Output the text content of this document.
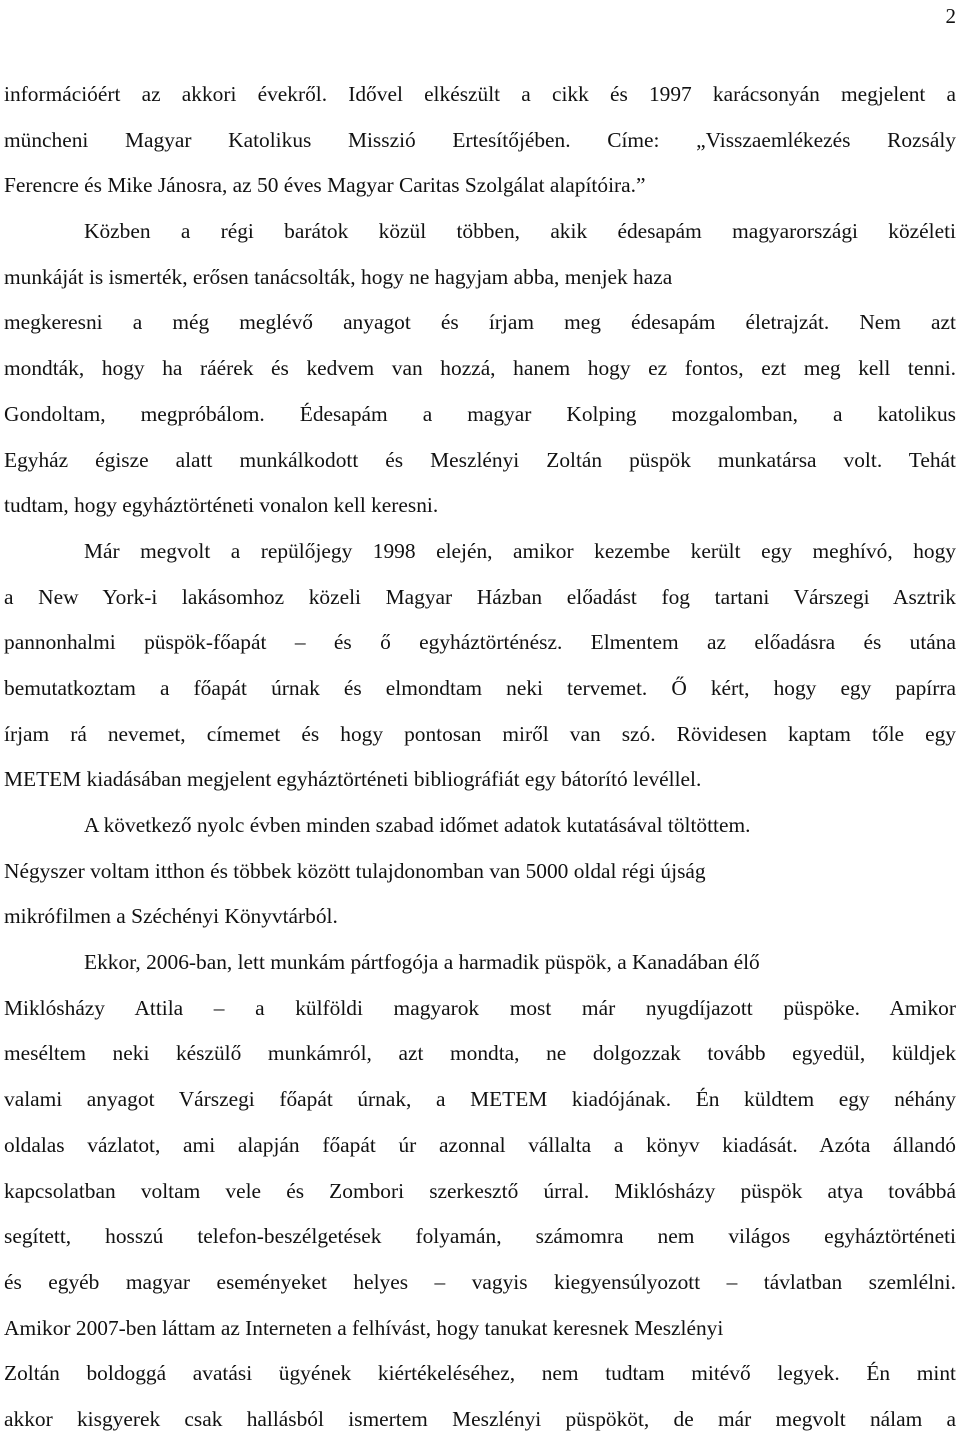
2
információért az akkori évekről. Idővel elkészült a cikk és 1997 karácsonyán megjelent a
müncheni Magyar Katolikus Misszió Ertesítőjében. Címe: „Visszaemlékezés Rozsály
Ferencre és Mike Jánosra, az 50 éves Magyar Caritas Szolgálat alapítóira.”
Közben a régi barátok közül többen, akik édesapám magyarországi közéleti
munkáját is ismerték, erősen tanácsolták, hogy ne hagyjam abba, menjek haza
megkeresni a még meglévő anyagot és írjam meg édesapám életrajzát. Nem azt
mondták, hogy ha ráérek és kedvem van hozzá, hanem hogy ez fontos, ezt meg kell tenni.
Gondoltam, megpróbálom. Édesapám a magyar Kolping mozgalomban, a katolikus
Egyház égisze alatt munkálkodott és Meszlényi Zoltán püspök munkatársa volt. Tehát
tudtam, hogy egyháztörténeti vonalon kell keresni.
Már megvolt a repülőjegy 1998 elején, amikor kezembe került egy meghívó, hogy
a New York-i lakásomhoz közeli Magyar Házban előadást fog tartani Várszegi Asztrik
pannonhalmi püspök-főapát – és ő egyháztörténész. Elmentem az előadásra és utána
bemutatkoztam a főapát úrnak és elmondtam neki tervemet. Ő kért, hogy egy papírra
írjam rá nevemet, címemet és hogy pontosan miről van szó. Rövidesen kaptam tőle egy
METEM kiadásában megjelent egyháztörténeti bibliográfiát egy bátorító levéllel.
A következő nyolc évben minden szabad időmet adatok kutatásával töltöttem.
Négyszer voltam itthon és többek között tulajdonomban van 5000 oldal régi újság
mikrófilmen a Széchényi Könyvtárból.
Ekkor, 2006-ban, lett munkám pártfogója a harmadik püspök, a Kanadában élő
Miklósházy Attila – a külföldi magyarok most már nyugdíjazott püspöke. Amikor
meséltem neki készülő munkámról, azt mondta, ne dolgozzak tovább egyedül, küldjek
valami anyagot Várszegi főapát úrnak, a METEM kiadójának. Én küldtem egy néhány
oldalas vázlatot, ami alapján főapát úr azonnal vállalta a könyv kiadását. Azóta állandó
kapcsolatban voltam vele és Zombori szerkesztő úrral. Miklósházy püspök atya továbbá
segített, hosszú telefon-beszélgetések folyamán, számomra nem világos egyháztörténeti
és egyéb magyar eseményeket helyes – vagyis kiegyensúlyozott – távlatban szemlélni.
Amikor 2007-ben láttam az Interneten a felhívást, hogy tanukat keresnek Meszlényi
Zoltán boldoggá avatási ügyének kiértékeléséhez, nem tudtam mitévő legyek. Én mint
akkor kisgyerek csak hallásból ismertem Meszlényi püspököt, de már megvolt nálam a
